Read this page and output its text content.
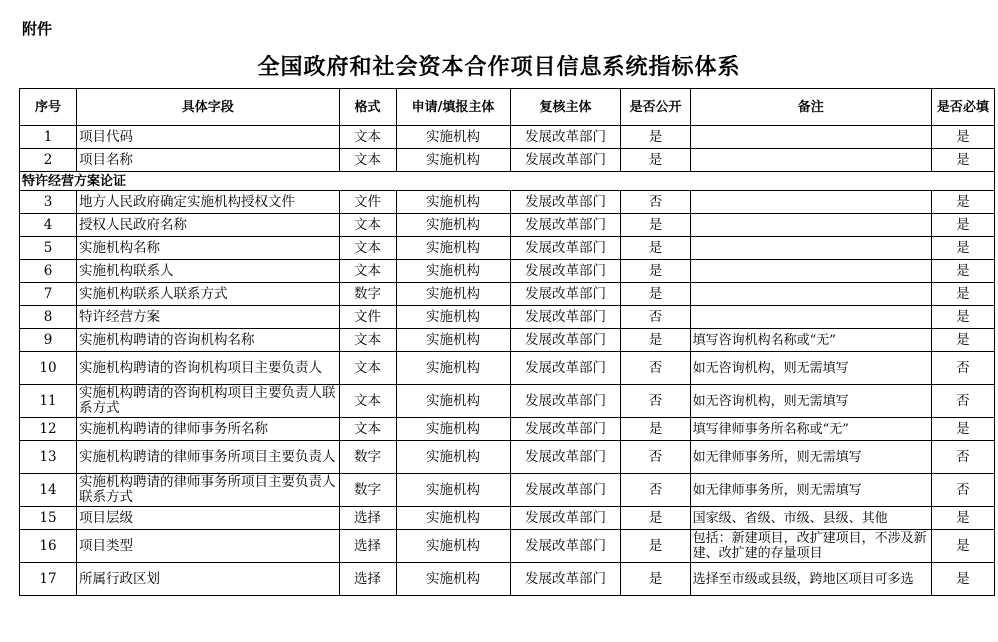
附件
全国政府和社会资本合作项目信息系统指标体系
序号	具体字段	格式	申请/填报主体	复核主体	是否公开	备注	是否必填
1	项目代码	文本	实施机构	发展改革部门	是		是
2	项目名称	文本	实施机构	发展改革部门	是		是
特许经营方案论证							
3	地方人民政府确定实施机构授权文件	文件	实施机构	发展改革部门	否		是
4	授权人民政府名称	文本	实施机构	发展改革部门	是		是
5	实施机构名称	文本	实施机构	发展改革部门	是		是
6	实施机构联系人	文本	实施机构	发展改革部门	是		是
7	实施机构联系人联系方式	数字	实施机构	发展改革部门	是		是
8	特许经营方案	文件	实施机构	发展改革部门	否		是
9	实施机构聘请的咨询机构名称	文本	实施机构	发展改革部门	是	填写咨询机构名称或“无”	是
10	实施机构聘请的咨询机构项目主要负责人	文本	实施机构	发展改革部门	否	如无咨询机构，则无需填写	否
11	实施机构聘请的咨询机构项目主要负责人联系方式	文本	实施机构	发展改革部门	否	如无咨询机构，则无需填写	否
12	实施机构聘请的律师事务所名称	文本	实施机构	发展改革部门	是	填写律师事务所名称或“无”	是
13	实施机构聘请的律师事务所项目主要负责人	数字	实施机构	发展改革部门	否	如无律师事务所，则无需填写	否
14	实施机构聘请的律师事务所项目主要负责人联系方式	数字	实施机构	发展改革部门	否	如无律师事务所，则无需填写	否
15	项目层级	选择	实施机构	发展改革部门	是	国家级、省级、市级、县级、其他	是
16	项目类型	选择	实施机构	发展改革部门	是	包括：新建项目，改扩建项目，不涉及新建、改扩建的存量项目	是
17	所属行政区划	选择	实施机构	发展改革部门	是	选择至市级或县级，跨地区项目可多选	是
